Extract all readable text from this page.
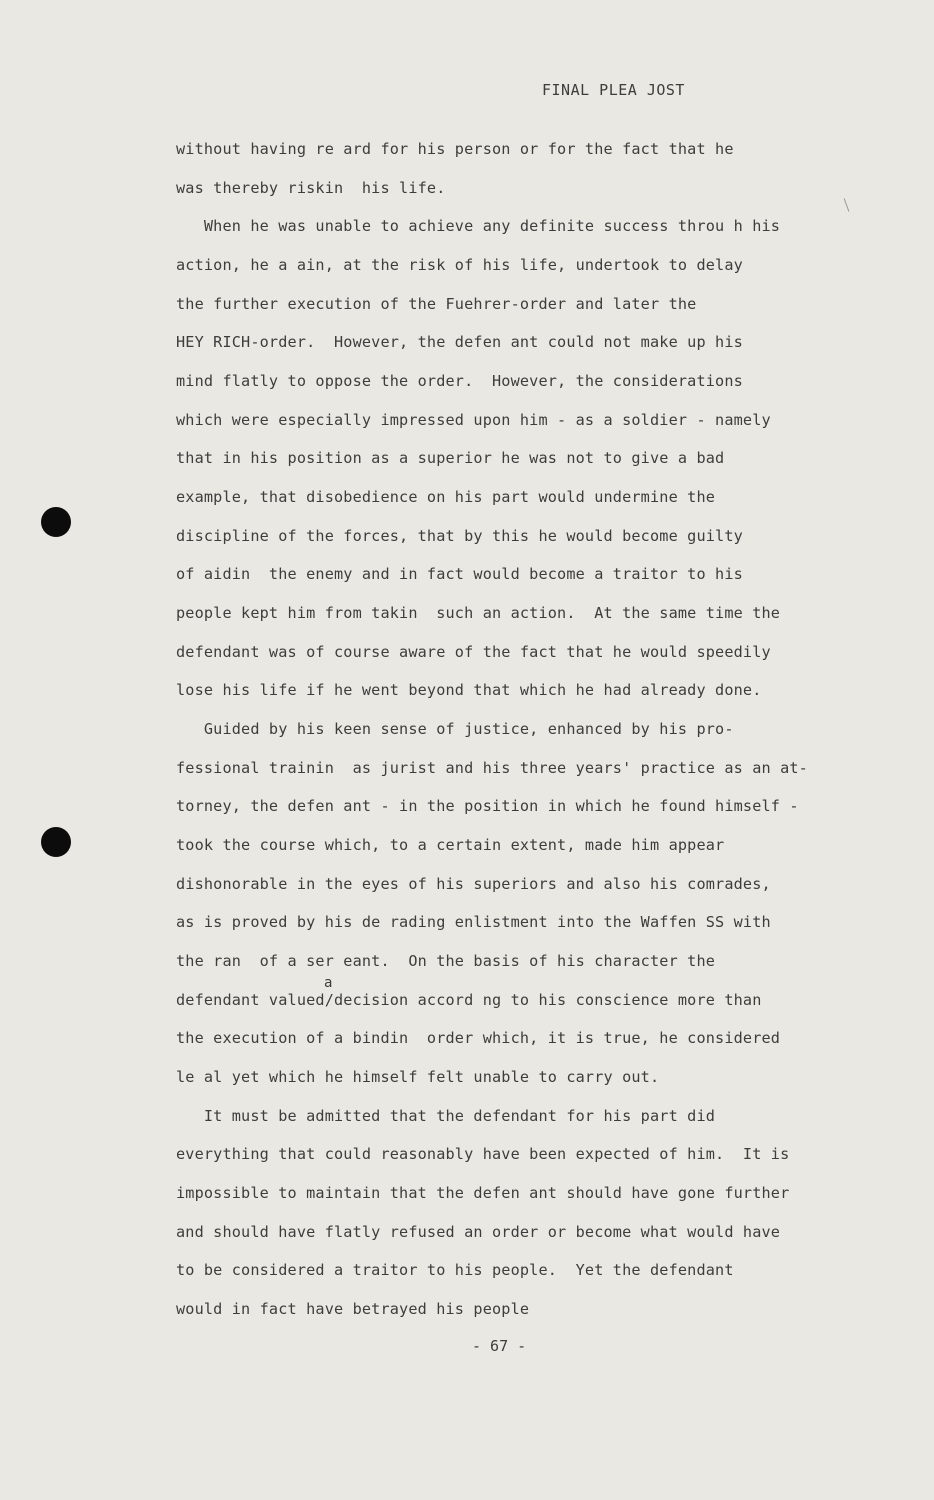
FINAL PLEA JOST
without having re ard for his person or for the fact that he
was thereby riskin  his life.
When he was unable to achieve any definite success throu h his
action, he a ain, at the risk of his life, undertook to delay
the further execution of the Fuehrer-order and later the
HEY RICH-order.  However, the defen ant could not make up his
mind flatly to oppose the order.  However, the considerations
which were especially impressed upon him - as a soldier - namely
that in his position as a superior he was not to give a bad
example, that disobedience on his part would undermine the
discipline of the forces, that by this he would become guilty
of aidin  the enemy and in fact would become a traitor to his
people kept him from takin  such an action.  At the same time the
defendant was of course aware of the fact that he would speedily
lose his life if he went beyond that which he had already done.
Guided by his keen sense of justice, enhanced by his pro-
fessional trainin  as jurist and his three years' practice as an at-
torney, the defen ant - in the position in which he found himself -
took the course which, to a certain extent, made him appear
dishonorable in the eyes of his superiors and also his comrades,
as is proved by his de rading enlistment into the Waffen SS with
the ran  of a ser eant.  On the basis of his character the
a
defendant valued/decision accord ng to his conscience more than
the execution of a bindin  order which, it is true, he considered
le al yet which he himself felt unable to carry out.
It must be admitted that the defendant for his part did
everything that could reasonably have been expected of him.  It is
impossible to maintain that the defen ant should have gone further
and should have flatly refused an order or become what would have
to be considered a traitor to his people.  Yet the defendant
would in fact have betrayed his people
- 67 -
